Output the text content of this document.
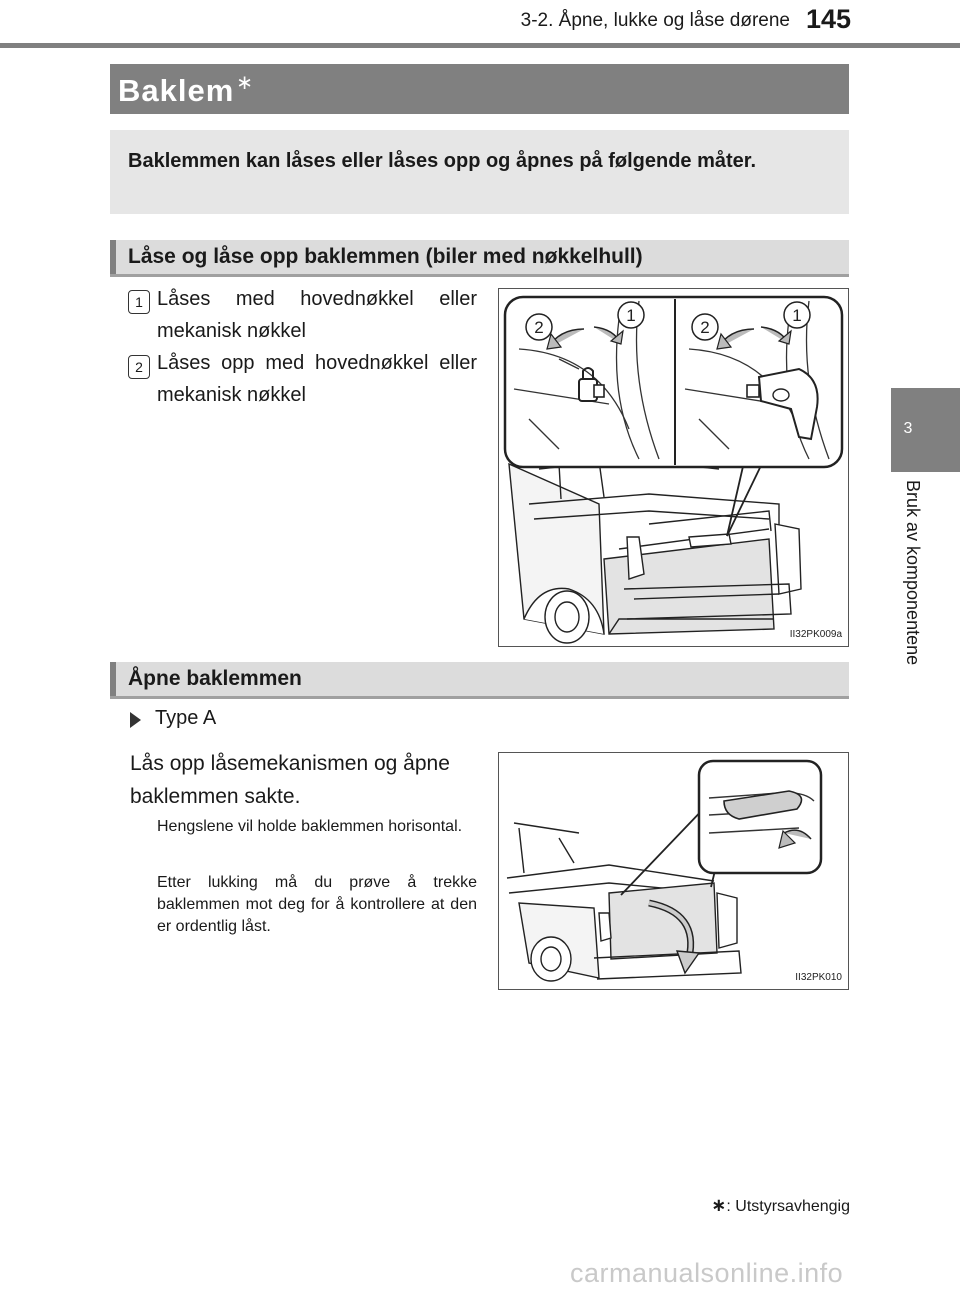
3-2. Åpne, lukke og låse dørene 145
3
Bruk av komponentene
Baklem ∗
Baklemmen kan låses eller låses opp og åpnes på følgende måter.
Låse og låse opp baklemmen (biler med nøkkelhull)
1 Låses med hovednøkkel eller mekanisk nøkkel
2 Låses opp med hovednøkkel eller mekanisk nøkkel
2
1
2
1
II32PK009a
Åpne baklemmen
Type A
Lås opp låsemekanismen og åpne baklemmen sakte.
Hengslene vil holde baklemmen horisontal.
Etter lukking må du prøve å trekke baklemmen mot deg for å kontrollere at den er ordentlig låst.
II32PK010
∗: Utstyrsavhengig
carmanualsonline.info
